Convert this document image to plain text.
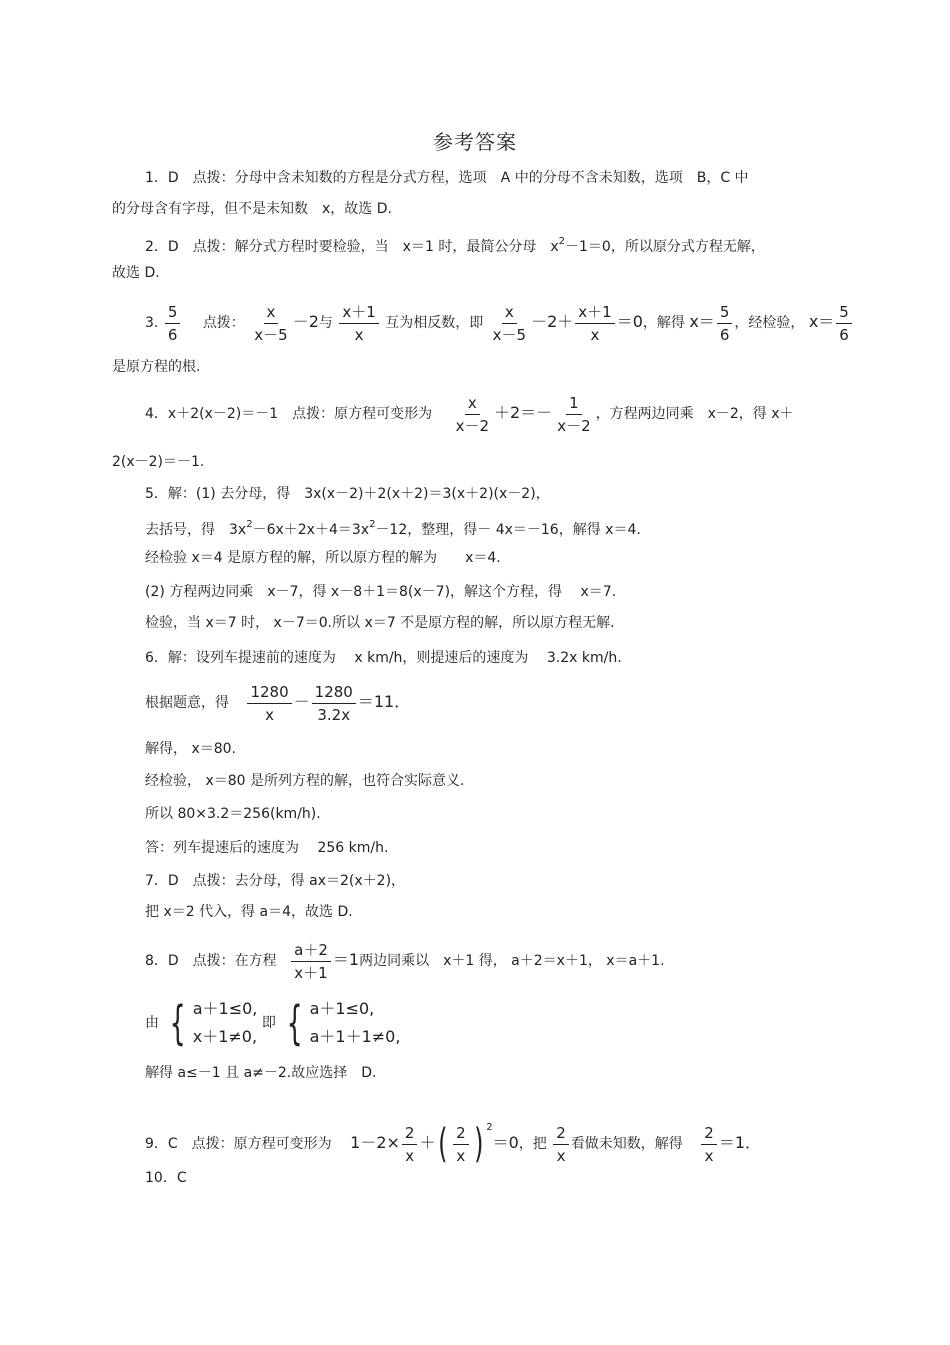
参考答案
1．D　点拨：分母中含未知数的方程是分式方程，选项　A 中的分母不含未知数，选项　B，C 中
的分母含有字母，但不是未知数　x，故选 D.
2．D　点拨：解分式方程时要检验，当　x＝1 时，最简公分母　$x^2-1=0$，所以原分式方程无解，
故选 D.
3. $\frac{5}{6}$ 点拨： $\frac{x}{x-5} -2$与 $\frac{x+1}{x}$ 互为相反数，即 $\frac{x}{x-5} -2+ \frac{x+1}{x} =0$，解得 $x= \frac{5}{6}$ ，经检验， $x= \frac{5}{6}$
是原方程的根.
4．x＋2(x－2)＝－1　点拨：原方程可变形为 $\frac{x}{x-2} +2=- \frac{1}{x-2}$ ，方程两边同乘　x－2，得 x＋
2(x－2)＝－1.
5．解：(1) 去分母，得　3x(x－2)＋2(x＋2)＝3(x＋2)(x－2)，
去括号，得　$3x^2-6x+2x+4=3x^2-12$，整理，得－ 4x＝－16，解得 x＝4.
经检验 x＝4 是原方程的解，所以原方程的解为　　x＝4.
(2) 方程两边同乘　x－7，得 x－8＋1＝8(x－7)，解这个方程，得　 x＝7.
检验，当 x＝7 时， x－7＝0.所以 x＝7 不是原方程的解，所以原方程无解.
6．解：设列车提速前的速度为　 x km/h，则提速后的速度为　 3.2x km/h.
根据题意，得 $\frac{1280}{x} - \frac{1280}{3.2x} =11$．
解得， x＝80.
经检验， x＝80 是所列方程的解，也符合实际意义.
所以 80×3.2＝256(km/h)．
答：列车提速后的速度为　 256 km/h.
7．D　点拨：去分母，得 ax＝2(x＋2)，
把 x＝2 代入，得 a＝4，故选 D.
8．D　点拨：在方程 $\frac{a+2}{x+1} =1$两边同乘以　x＋1 得， a＋2＝x＋1， x＝a＋1.
由 { a＋1≤0,
x＋1≠0,
即 { a＋1≤0,
a＋1＋1≠0,
解得 a≤－1 且 a≠－2.故应选择　D.
9．C　点拨：原方程可变形为 $1-2\times \frac{2}{x}$ ＋( $\frac{2}{x}$ ) $^2$＝0，把 $\frac{2}{x}$ 看做未知数，解得 $\frac{2}{x} =1$．
10．C
